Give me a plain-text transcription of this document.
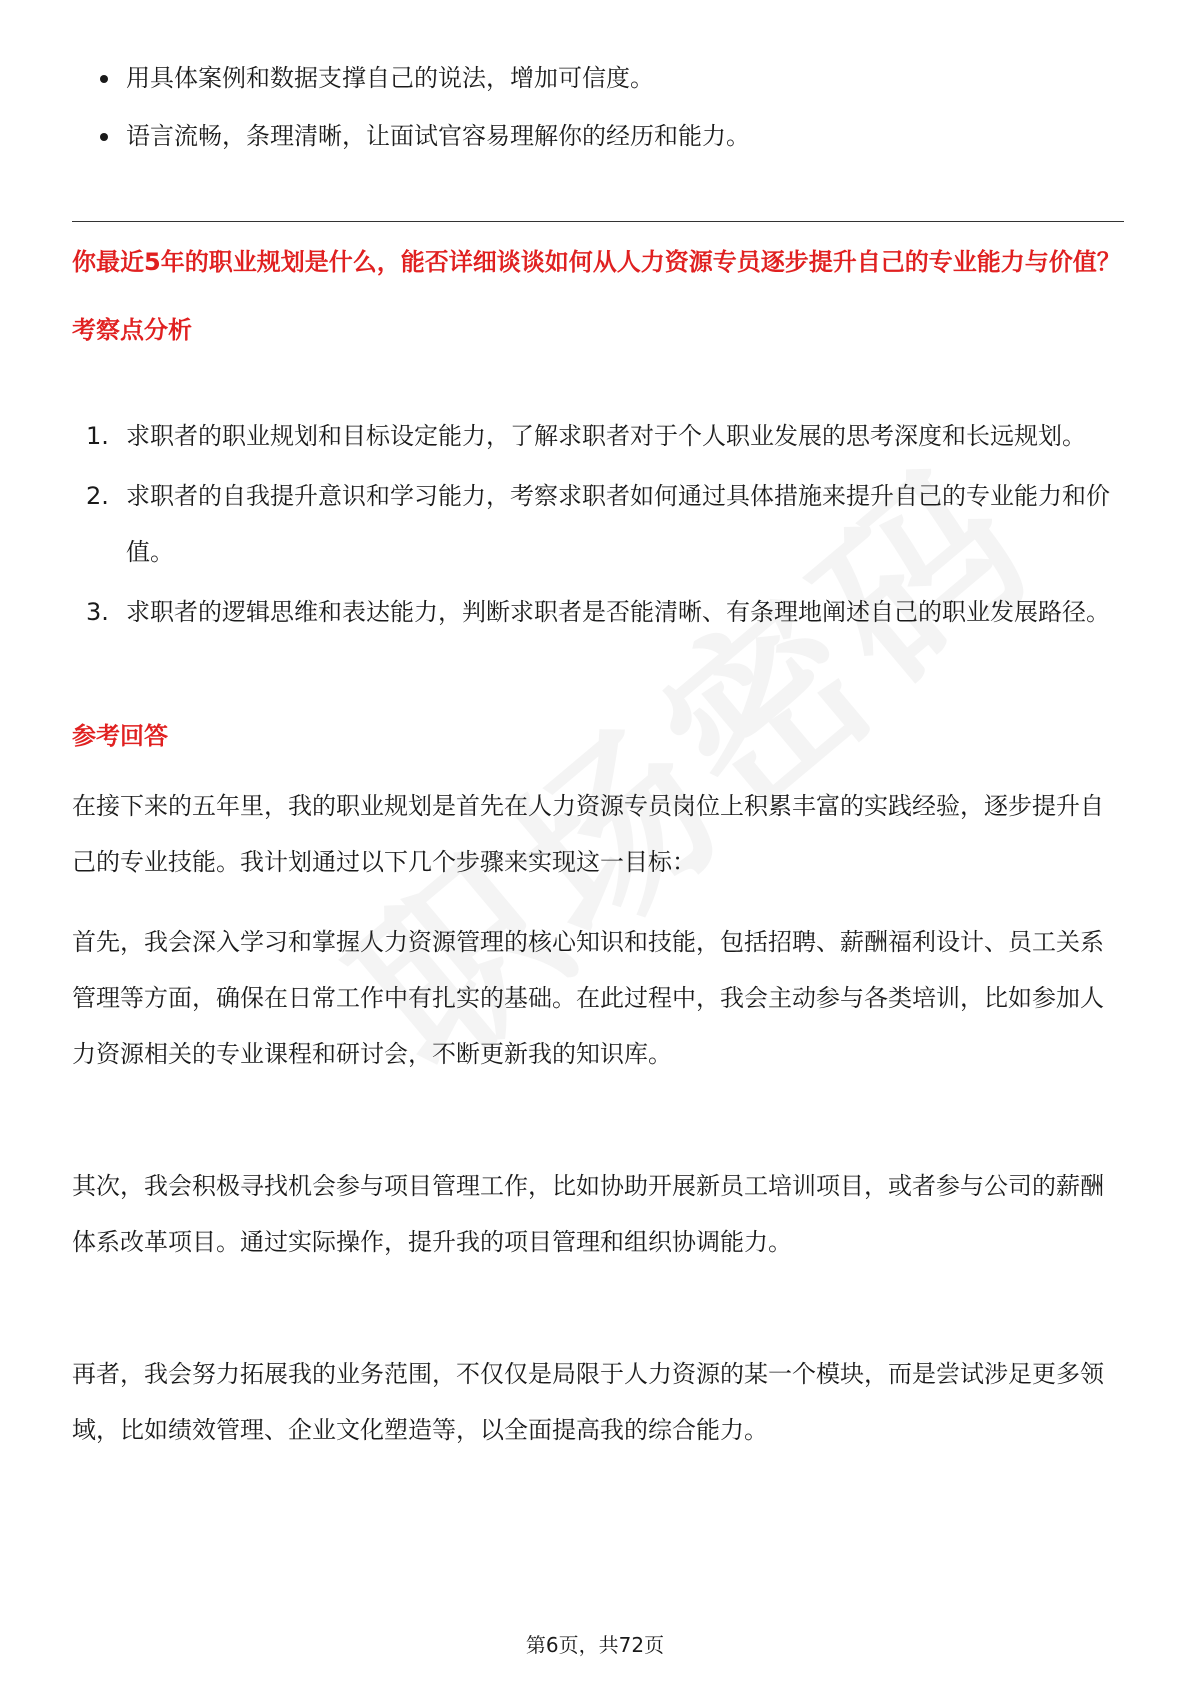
用具体案例和数据支撑自己的说法，增加可信度。
语言流畅，条理清晰，让面试官容易理解你的经历和能力。

你最近5年的职业规划是什么，能否详细谈谈如何从人力资源专员逐步提升自己的专业能力与价值？

考察点分析

1. 求职者的职业规划和目标设定能力，了解求职者对于个人职业发展的思考深度和长远规划。
2. 求职者的自我提升意识和学习能力，考察求职者如何通过具体措施来提升自己的专业能力和价值。
3. 求职者的逻辑思维和表达能力，判断求职者是否能清晰、有条理地阐述自己的职业发展路径。

参考回答

在接下来的五年里，我的职业规划是首先在人力资源专员岗位上积累丰富的实践经验，逐步提升自己的专业技能。我计划通过以下几个步骤来实现这一目标：

首先，我会深入学习和掌握人力资源管理的核心知识和技能，包括招聘、薪酬福利设计、员工关系管理等方面，确保在日常工作中有扎实的基础。在此过程中，我会主动参与各类培训，比如参加人力资源相关的专业课程和研讨会，不断更新我的知识库。

其次，我会积极寻找机会参与项目管理工作，比如协助开展新员工培训项目，或者参与公司的薪酬体系改革项目。通过实际操作，提升我的项目管理和组织协调能力。

再者，我会努力拓展我的业务范围，不仅仅是局限于人力资源的某一个模块，而是尝试涉足更多领域，比如绩效管理、企业文化塑造等，以全面提高我的综合能力。

第6页，共72页
